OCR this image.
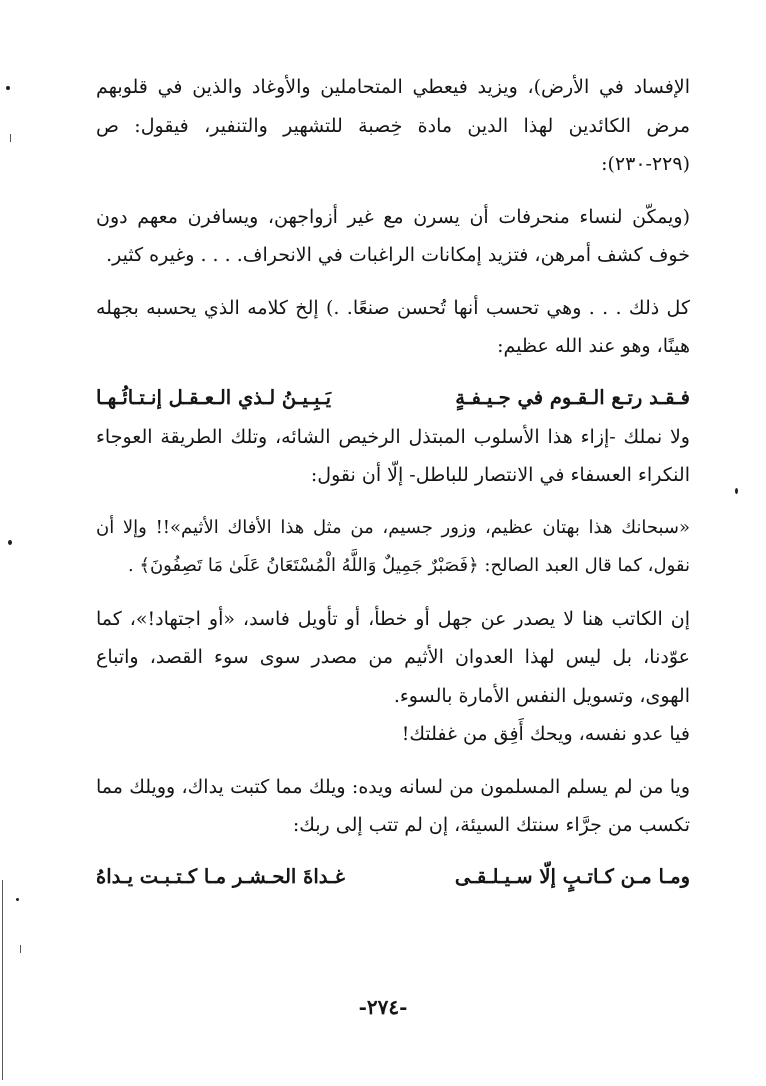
الإفساد في الأرض)، ويزيد فيعطي المتحاملين والأوغاد والذين في قلوبهم مرض الكائدين لهذا الدين مادة خِصبة للتشهير والتنفير، فيقول: ص (٢٢٩-٢٣٠):

(ويمكّن لنساء منحرفات أن يسرن مع غير أزواجهن، ويسافرن معهم دون خوف كشف أمرهن، فتزيد إمكانات الراغبات في الانحراف. . . . وغيره كثير.

كل ذلك . . . وهي تحسب أنها تُحسن صنعًا. .) إلخ كلامه الذي يحسبه بجهله هينًا، وهو عند الله عظيم:

فـقـد رتـع الـقـوم في جـيـفـةٍ
يَـبِـيـنُ لـذي الـعـقـل إنـتـائُـهـا

ولا نملك -إزاء هذا الأسلوب المبتذل الرخيص الشائه، وتلك الطريقة العوجاء النكراء العسفاء في الانتصار للباطل- إلّا أن نقول:

«سبحانك هذا بهتان عظيم، وزور جسيم، من مثل هذا الأفاك الأثيم»!! وإلا أن نقول، كما قال العبد الصالح: ﴿فَصَبْرٌ جَمِيلٌ وَاللَّهُ الْمُسْتَعَانُ عَلَىٰ مَا تَصِفُونَ﴾ .

إن الكاتب هنا لا يصدر عن جهل أو خطأ، أو تأويل فاسد، «أو اجتهاد!»، كما عوّدنا، بل ليس لهذا العدوان الأثيم من مصدر سوى سوء القصد، واتباع الهوى، وتسويل النفس الأمارة بالسوء.

فيا عدو نفسه، ويحك أَفِق من غفلتك!

ويا من لم يسلم المسلمون من لسانه ويده: ويلك مما كتبت يداك، وويلك مما تكسب من جرَّاء سنتك السيئة، إن لم تتب إلى ربك:

ومـا مـن كـاتـبٍ إلّا سـيـلـقـى
غـداةَ الحـشـر مـا كـتـبـت يـداهُ
-٢٧٤-
